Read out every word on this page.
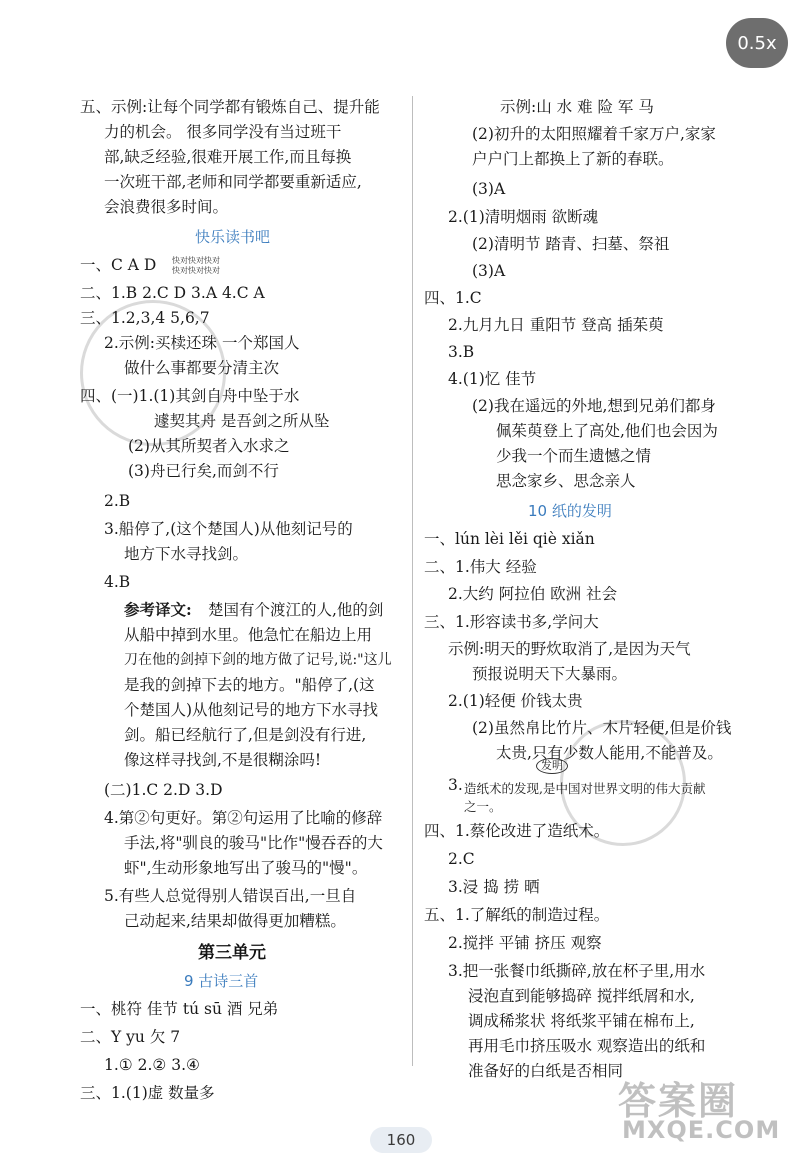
0.5x
五、示例:让每个同学都有锻炼自己、提升能
力的机会。 很多同学没有当过班干
部,缺乏经验,很难开展工作,而且每换
一次班干部,老师和同学都要重新适应,
会浪费很多时间。
快乐读书吧
一、C A D 快对快对快对
快对快对快对
二、1.B 2.C D 3.A 4.C A
三、1.2,3,4 5,6,7
2.示例:买椟还珠 一个郑国人
做什么事都要分清主次
四、(一)1.(1)其剑自舟中坠于水
遽契其舟 是吾剑之所从坠
(2)从其所契者入水求之
(3)舟已行矣,而剑不行
2.B
3.船停了,(这个楚国人)从他刻记号的
地方下水寻找剑。
4.B
参考译文: 楚国有个渡江的人,他的剑
从船中掉到水里。他急忙在船边上用
刀在他的剑掉下剑的地方做了记号,说:"这儿
是我的剑掉下去的地方。"船停了,(这
个楚国人)从他刻记号的地方下水寻找
剑。船已经航行了,但是剑没有行进,
像这样寻找剑,不是很糊涂吗!
(二)1.C 2.D 3.D
4.第②句更好。第②句运用了比喻的修辞
手法,将"驯良的骏马"比作"慢吞吞的大
虾",生动形象地写出了骏马的"慢"。
5.有些人总觉得别人错误百出,一旦自
己动起来,结果却做得更加糟糕。
第三单元
9 古诗三首
一、桃符 佳节 tú sū 酒 兄弟
二、Y yu 欠 7
1.① 2.② 3.④
三、1.(1)虚 数量多
示例:山 水 难 险 军 马
(2)初升的太阳照耀着千家万户,家家
户户门上都换上了新的春联。
(3)A
2.(1)清明烟雨 欲断魂
(2)清明节 踏青、扫墓、祭祖
(3)A
四、1.C
2.九月九日 重阳节 登高 插茱萸
3.B
4.(1)忆 佳节
(2)我在遥远的外地,想到兄弟们都身
佩茱萸登上了高处,他们也会因为
少我一个而生遗憾之情
思念家乡、思念亲人
10 纸的发明
一、lún lèi lěi qiè xiǎn
二、1.伟大 经验
2.大约 阿拉伯 欧洲 社会
三、1.形容读书多,学问大
示例:明天的野炊取消了,是因为天气
预报说明天下大暴雨。
2.(1)轻便 价钱太贵
(2)虽然帛比竹片、木片轻便,但是价钱
太贵,只有少数人能用,不能普及。
3.
发明
造纸术的发现,是中国对世界文明的伟大贡献
之一。
四、1.蔡伦改进了造纸术。
2.C
3.浸 捣 捞 晒
五、1.了解纸的制造过程。
2.搅拌 平铺 挤压 观察
3.把一张餐巾纸撕碎,放在杯子里,用水
浸泡直到能够捣碎 搅拌纸屑和水,
调成稀浆状 将纸浆平铺在棉布上,
再用毛巾挤压吸水 观察造出的纸和
准备好的白纸是否相同
160
答案圈
MXQE.COM
